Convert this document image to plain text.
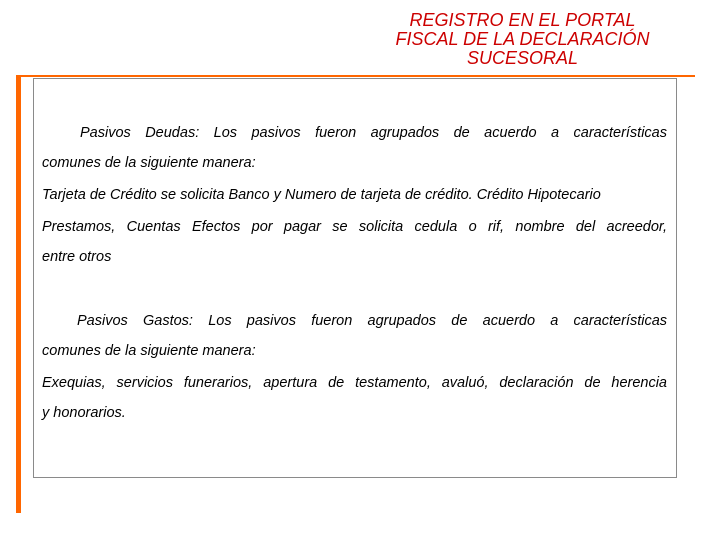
REGISTRO EN EL PORTAL
FISCAL DE LA DECLARACIÓN
SUCESORAL
Pasivos Deudas: Los pasivos fueron agrupados de acuerdo a características
comunes de la siguiente manera:
Tarjeta de Crédito se solicita Banco y Numero de tarjeta de crédito. Crédito Hipotecario
Prestamos, Cuentas Efectos por pagar se solicita cedula o rif, nombre del acreedor,
entre otros
Pasivos Gastos: Los pasivos fueron agrupados de acuerdo a características
comunes de la siguiente manera:
Exequias, servicios funerarios, apertura de testamento, avaluó, declaración de herencia
y honorarios.
